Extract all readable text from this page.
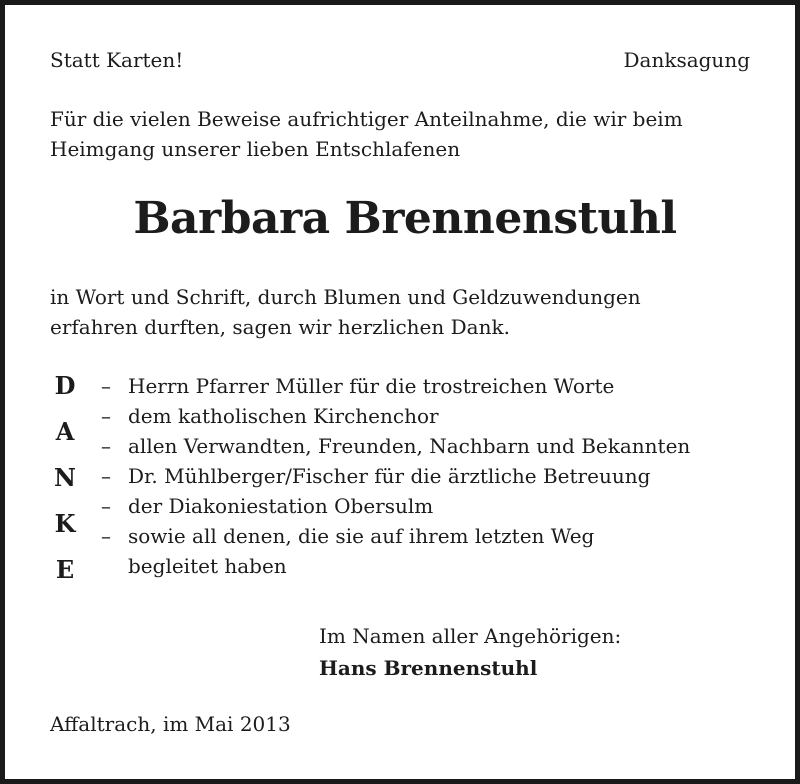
Statt Karten!	Danksagung
Für die vielen Beweise aufrichtiger Anteilnahme, die wir beim
Heimgang unserer lieben Entschlafenen
Barbara Brennenstuhl
in Wort und Schrift, durch Blumen und Geldzuwendungen
erfahren durften, sagen wir herzlichen Dank.
D
A
N
K
E
– Herrn Pfarrer Müller für die trostreichen Worte
– dem katholischen Kirchenchor
– allen Verwandten, Freunden, Nachbarn und Bekannten
– Dr. Mühlberger/Fischer für die ärztliche Betreuung
– der Diakoniestation Obersulm
– sowie all denen, die sie auf ihrem letzten Weg
begleitet haben
Im Namen aller Angehörigen:
Hans Brennenstuhl
Affaltrach, im Mai 2013
